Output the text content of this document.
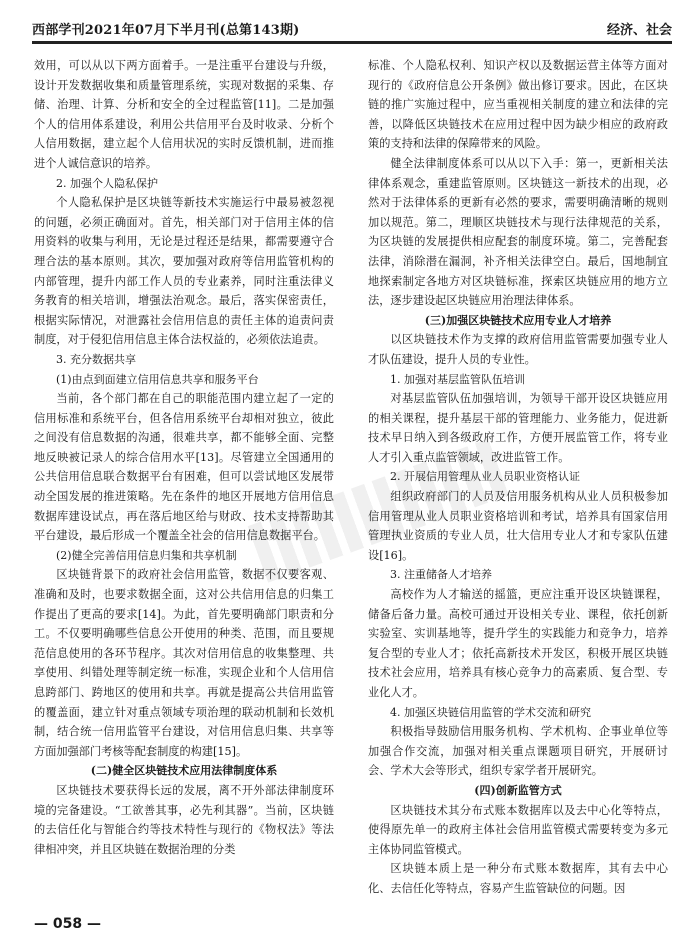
西部学刊2021年07月下半月刊(总第143期)	经济、社会

效用，可以从以下两方面着手。一是注重平台建设与升级，设计开发数据收集和质量管理系统，实现对数据的采集、存储、治理、计算、分析和安全的全过程监管[11]。二是加强个人的信用体系建设，利用公共信用平台及时收录、分析个人信用数据，建立起个人信用状况的实时反馈机制，进而推进个人诚信意识的培养。

2. 加强个人隐私保护

个人隐私保护是区块链等新技术实施运行中最易被忽视的问题，必须正确面对。首先，相关部门对于信用主体的信用资料的收集与利用，无论是过程还是结果，都需要遵守合理合法的基本原则。其次，要加强对政府等信用监管机构的内部管理，提升内部工作人员的专业素养，同时注重法律义务教育的相关培训，增强法治观念。最后，落实保密责任，根据实际情况，对泄露社会信用信息的责任主体的追责问责制度，对于侵犯信用信息主体合法权益的，必须依法追责。

3. 充分数据共享
(1)由点到面建立信用信息共享和服务平台

当前，各个部门都在自己的职能范围内建立起了一定的信用标准和系统平台，但各信用系统平台却相对独立，彼此之间没有信息数据的沟通，很难共享，都不能够全面、完整地反映被记录人的综合信用水平[13]。尽管建立全国通用的公共信用信息联合数据平台有困难，但可以尝试地区发展带动全国发展的推进策略。先在条件的地区开展地方信用信息数据库建设试点，再在落后地区给与财政、技术支持帮助其平台建设，最后形成一个覆盖全社会的信用信息数据平台。

(2)健全完善信用信息归集和共享机制

区块链背景下的政府社会信用监管，数据不仅要客观、准确和及时，也要求数据全面，这对公共信用信息的归集工作提出了更高的要求[14]。为此，首先要明确部门职责和分工。不仅要明确哪些信息公开使用的种类、范围，而且要规范信息使用的各环节程序。其次对信用信息的收集整理、共享使用、纠错处理等制定统一标准，实现企业和个人信用信息跨部门、跨地区的使用和共享。再就是提高公共信用监管的覆盖面，建立针对重点领域专项治理的联动机制和长效机制，结合统一信用监管平台建设，对信用信息归集、共享等方面加强部门考核等配套制度的构建[15]。

(二)健全区块链技术应用法律制度体系

区块链技术要获得长远的发展，离不开外部法律制度环境的完备建设。“工欲善其事，必先利其器”。当前，区块链的去信任化与智能合约等技术特性与现行的《物权法》等法律相冲突，并且区块链在数据治理的分类

标准、个人隐私权利、知识产权以及数据运营主体等方面对现行的《政府信息公开条例》做出修订要求。因此，在区块链的推广实施过程中，应当重视相关制度的建立和法律的完善，以降低区块链技术在应用过程中因为缺少相应的政府政策的支持和法律的保障带来的风险。

健全法律制度体系可以从以下入手：第一，更新相关法律体系观念，重建监管原则。区块链这一新技术的出现，必然对于法律体系的更新有必然的要求，需要明确清晰的规则加以规范。第二，理顺区块链技术与现行法律规范的关系，为区块链的发展提供相应配套的制度环境。第二，完善配套法律，消除潜在漏洞，补齐相关法律空白。最后，国地制宜地探索制定各地方对区块链标准，探索区块链应用的地方立法，逐步建设起区块链应用治理法律体系。

(三)加强区块链技术应用专业人才培养

以区块链技术作为支撑的政府信用监管需要加强专业人才队伍建设，提升人员的专业性。

1. 加强对基层监管队伍培训

对基层监管队伍加强培训，为领导干部开设区块链应用的相关课程，提升基层干部的管理能力、业务能力，促进新技术早日纳入到各级政府工作，方便开展监管工作，将专业人才引入重点监管领域，改进监管工作。

2. 开展信用管理从业人员职业资格认证

组织政府部门的人员及信用服务机构从业人员积极参加信用管理从业人员职业资格培训和考试，培养具有国家信用管理执业资质的专业人员，壮大信用专业人才和专家队伍建设[16]。

3. 注重储备人才培养

高校作为人才输送的摇篮，更应注重开设区块链课程，储备后备力量。高校可通过开设相关专业、课程，依托创新实验室、实训基地等，提升学生的实践能力和竞争力，培养复合型的专业人才；依托高新技术开发区，积极开展区块链技术社会应用，培养具有核心竞争力的高素质、复合型、专业化人才。

4. 加强区块链信用监管的学术交流和研究

积极指导鼓励信用服务机构、学术机构、企事业单位等加强合作交流，加强对相关重点课题项目研究，开展研讨会、学术大会等形式，组织专家学者开展研究。

(四)创新监管方式

区块链技术其分布式账本数据库以及去中心化等特点，使得原先单一的政府主体社会信用监管模式需要转变为多元主体协同监管模式。

区块链本质上是一种分布式账本数据库，其有去中心化、去信任化等特点，容易产生监管缺位的问题。因

— 058 —
